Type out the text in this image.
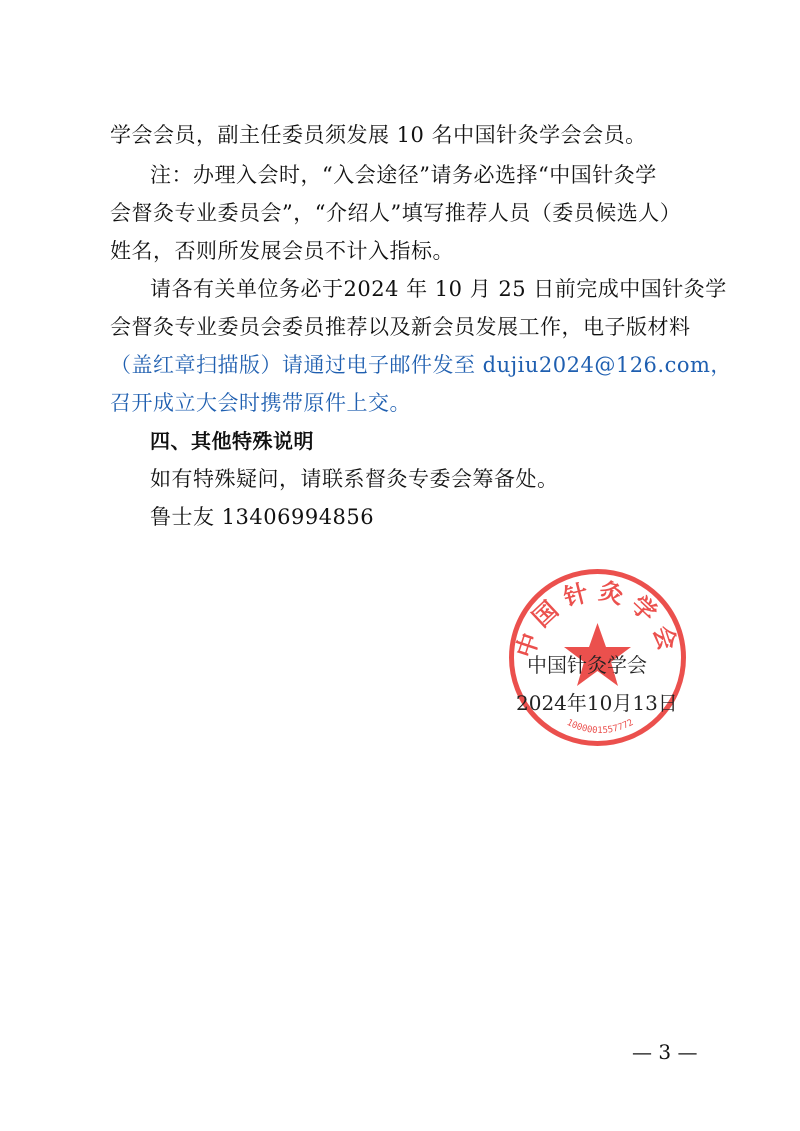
学会会员，副主任委员须发展 10 名中国针灸学会会员。
注：办理入会时，“入会途径”请务必选择“中国针灸学
会督灸专业委员会”，“介绍人”填写推荐人员（委员候选人）
姓名，否则所发展会员不计入指标。
请各有关单位务必于2024 年 10 月 25 日前完成中国针灸学
会督灸专业委员会委员推荐以及新会员发展工作，电子版材料
（盖红章扫描版）请通过电子邮件发至 dujiu2024@126.com，
召开成立大会时携带原件上交。
四、其他特殊说明
如有特殊疑问，请联系督灸专委会筹备处。
鲁士友 13406994856
中国针灸学会
1000001557772
中国针灸学会
2024年10月13日
— 3 —
